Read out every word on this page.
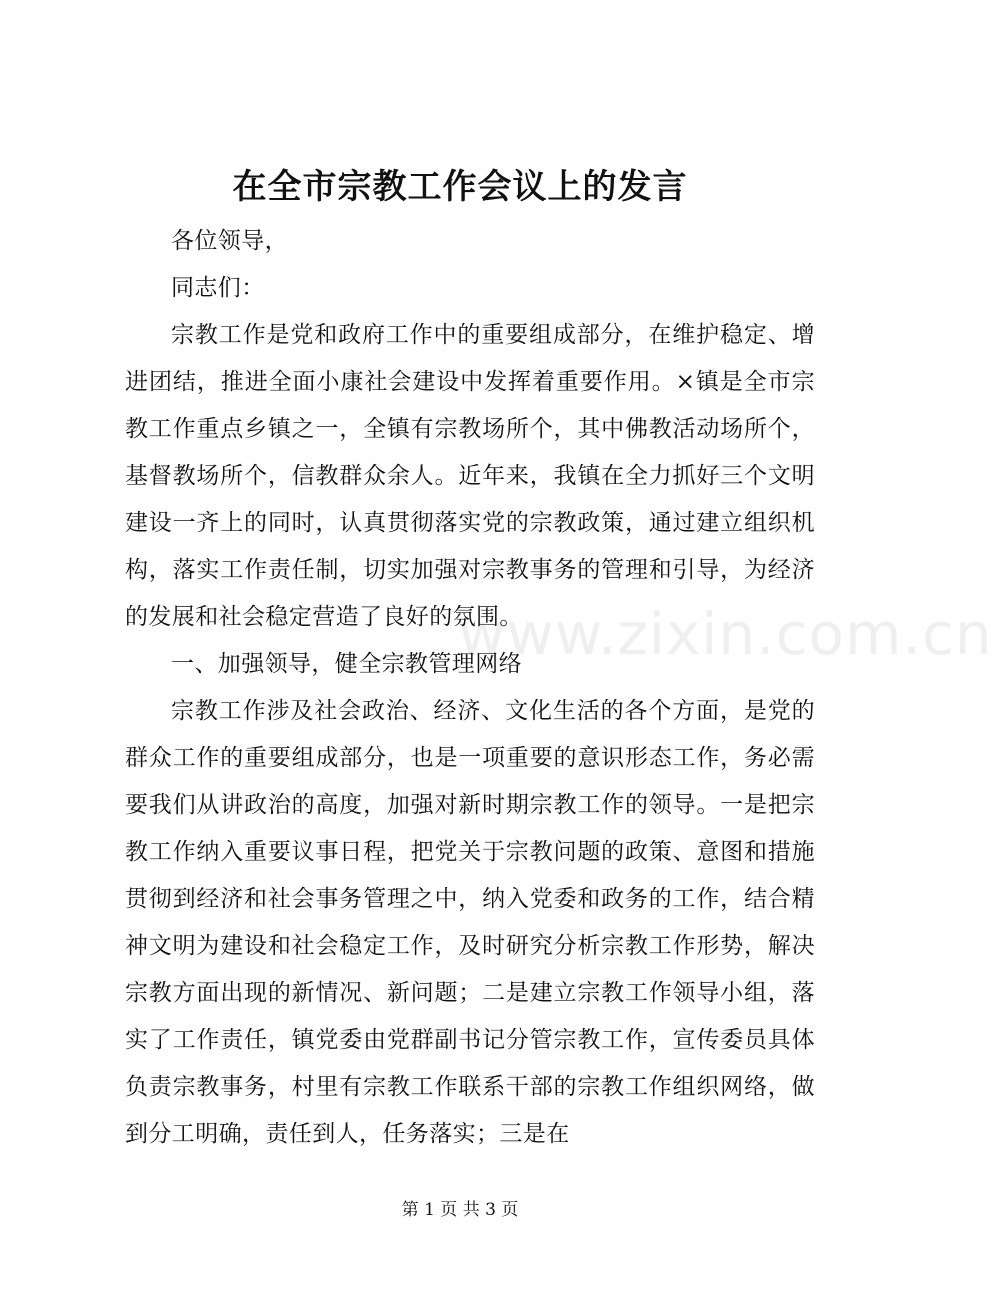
在全市宗教工作会议上的发言

各位领导，

同志们：

宗教工作是党和政府工作中的重要组成部分，在维护稳定、增进团结，推进全面小康社会建设中发挥着重要作用。×镇是全市宗教工作重点乡镇之一，全镇有宗教场所个，其中佛教活动场所个，基督教场所个，信教群众余人。近年来，我镇在全力抓好三个文明建设一齐上的同时，认真贯彻落实党的宗教政策，通过建立组织机构，落实工作责任制，切实加强对宗教事务的管理和引导，为经济的发展和社会稳定营造了良好的氛围。

一、加强领导，健全宗教管理网络

宗教工作涉及社会政治、经济、文化生活的各个方面，是党的群众工作的重要组成部分，也是一项重要的意识形态工作，务必需要我们从讲政治的高度，加强对新时期宗教工作的领导。一是把宗教工作纳入重要议事日程，把党关于宗教问题的政策、意图和措施贯彻到经济和社会事务管理之中，纳入党委和政务的工作，结合精神文明为建设和社会稳定工作，及时研究分析宗教工作形势，解决宗教方面出现的新情况、新问题；二是建立宗教工作领导小组，落实了工作责任，镇党委由党群副书记分管宗教工作，宣传委员具体负责宗教事务，村里有宗教工作联系干部的宗教工作组织网络，做到分工明确，责任到人，任务落实；三是在

www.zixin.com.cn
第 1 页 共 3 页
